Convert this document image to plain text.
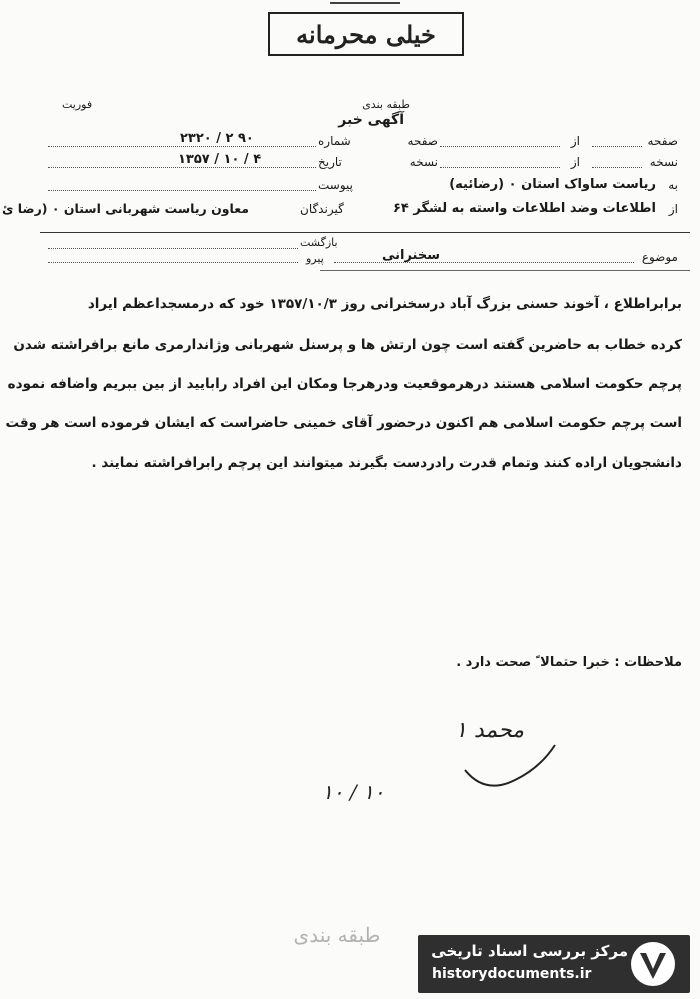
خیلی محرمانه
طبقه بندی
فوریت
آگهی خبر
صفحه
از
صفحه
نسخه
از
نسخه
به
ریاست ساواک استان ۰ (رضائیه)
از
اطلاعات وضد اطلاعات واسته به لشگر ۶۴
شماره
۲۳۲۰ / ۲ ۹۰
تاریخ
۱۳۵۷ / ۱۰ / ۴
پیوست
گیرندگان
معاون رياست شهربانی استان ۰ (رضا ئ
بازگشت
پیرو	موضوع
سخنرانی
برابراطلاع ، آخوند حسنی بزرگ آباد درسخنرانی روز ۱۳۵۷/۱۰/۳ خود که درمسجداعظم ایراد
کرده خطاب به حاضرین گفته است چون ارتش ها و پرسنل شهربانی وژاندارمری مانع برافراشته شدن
پرچم حکومت اسلامی هستند درهرموقعیت ودرهرجا ومکان این افراد رابایید از بین ببریم واضافه نموده
است پرچم حکومت اسلامی هم اکنون درحضور آقای خمینی حاضراست که ایشان فرموده است هر وقت
دانشجویان اراده کنند وتمام قدرت رادردست بگیرند میتوانند این پرچم رابرافراشته نمایند .
ملاحظات : خبرا حتمالا ً صحت دارد .
محمد ۱
۱۰ / ۱۰
طبقه بندی
مرکز بررسی اسناد تاریخی
historydocuments.ir
